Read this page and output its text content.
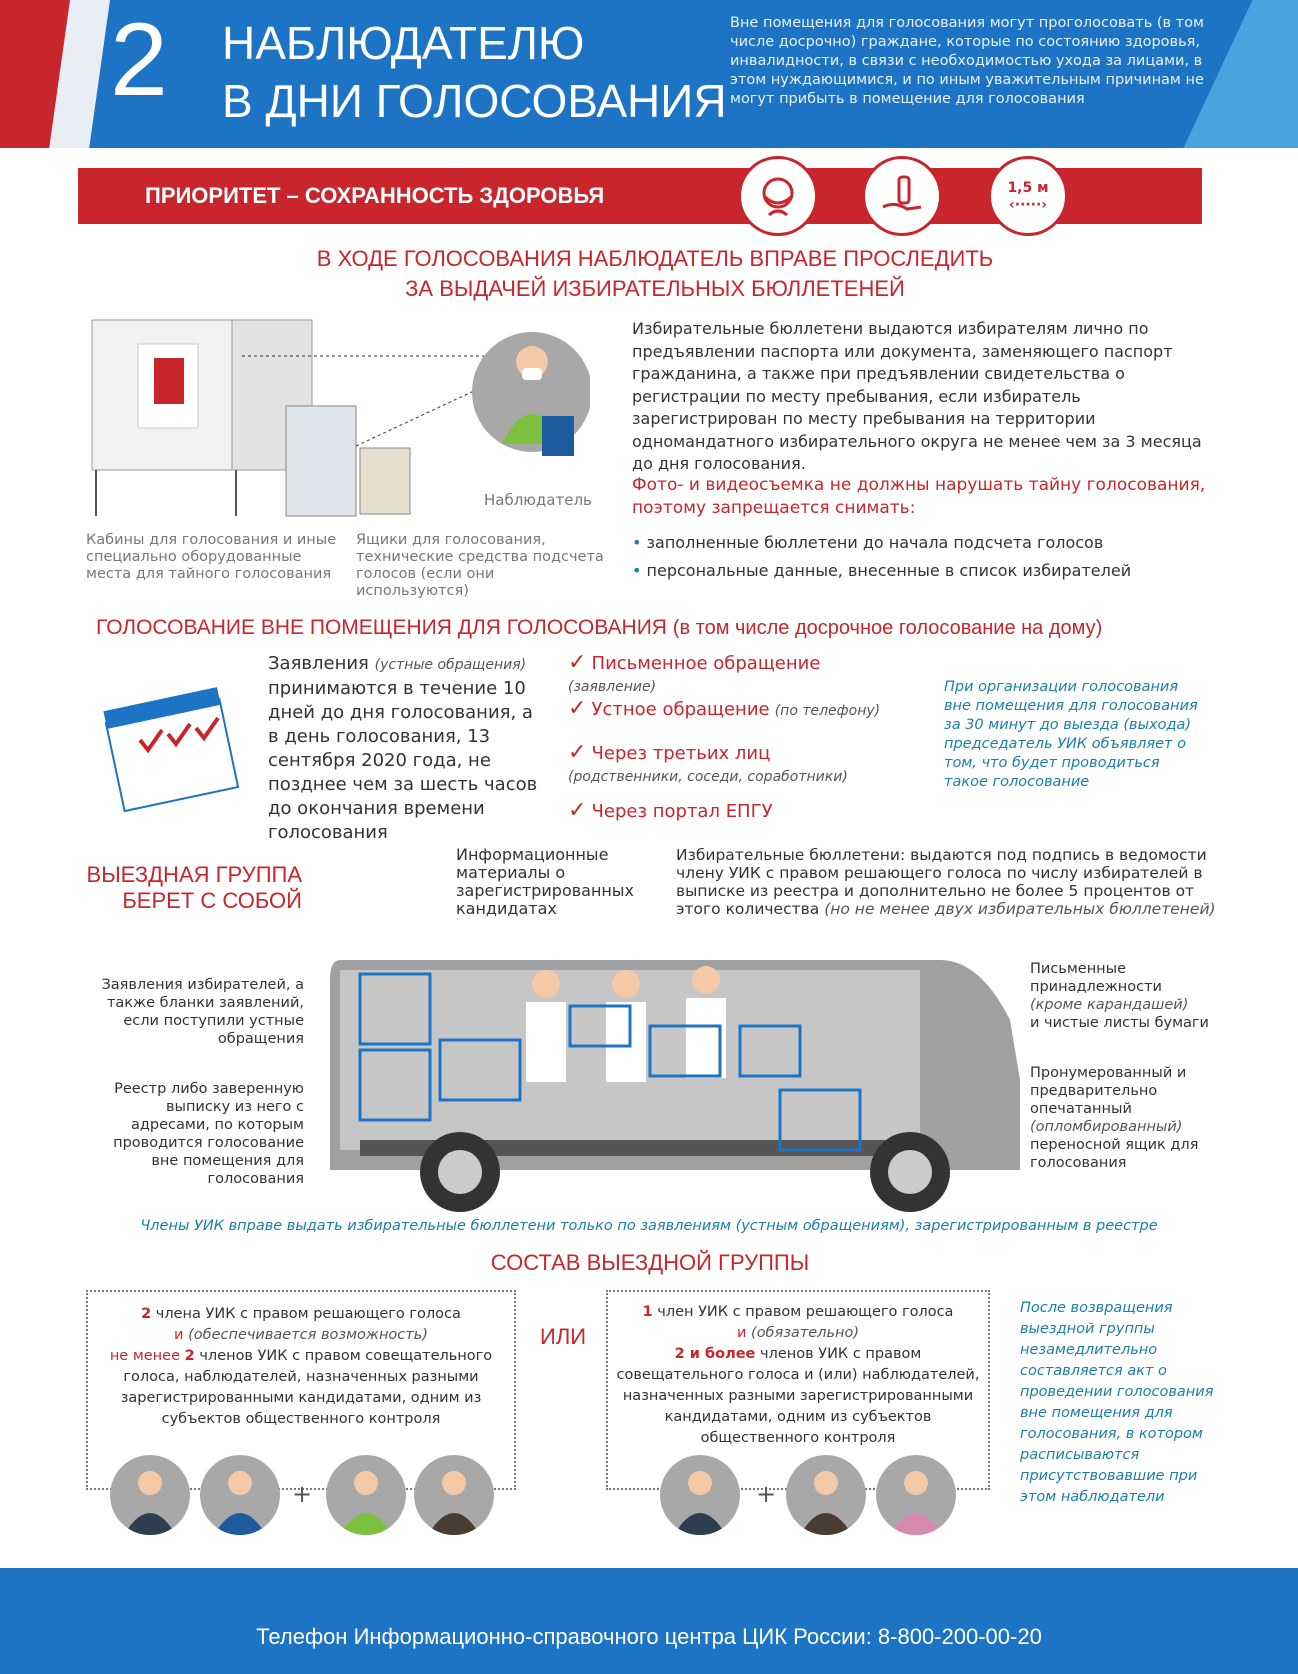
2 НАБЛЮДАТЕЛЮ
В ДНИ ГОЛОСОВАНИЯ
Вне помещения для голосования могут проголосовать (в том числе досрочно) граждане, которые по состоянию здоровья, инвалидности, в связи с необходимостью ухода за лицами, в этом нуждающимися, и по иным уважительным причинам не могут прибыть в помещение для голосования
ПРИОРИТЕТ – СОХРАННОСТЬ ЗДОРОВЬЯ	1,5 м
‹·····›
В ХОДЕ ГОЛОСОВАНИЯ НАБЛЮДАТЕЛЬ ВПРАВЕ ПРОСЛЕДИТЬ
ЗА ВЫДАЧЕЙ ИЗБИРАТЕЛЬНЫХ БЮЛЛЕТЕНЕЙ
Кабины для голосования и иные специально оборудованные места для тайного голосования
Ящики для голосования, технические средства подсчета голосов (если они используются)
Наблюдатель
Избирательные бюллетени выдаются избирателям лично по предъявлении паспорта или документа, заменяющего паспорт гражданина, а также при предъявлении свидетельства о регистрации по месту пребывания, если избиратель зарегистрирован по месту пребывания на территории одномандатного избирательного округа не менее чем за 3 месяца до дня голосования.
Фото- и видеосъемка не должны нарушать тайну голосования, поэтому запрещается снимать:
• заполненные бюллетени до начала подсчета голосов
• персональные данные, внесенные в список избирателей
ГОЛОСОВАНИЕ ВНЕ ПОМЕЩЕНИЯ ДЛЯ ГОЛОСОВАНИЯ (в том числе досрочное голосование на дому)
Заявления (устные обращения) принимаются в течение 10 дней до дня голосования, а в день голосования, 13 сентября 2020 года, не позднее чем за шесть часов до окончания времени голосования
✓ Письменное обращение (заявление)
✓ Устное обращение (по телефону)
✓ Через третьих лиц (родственники, соседи, соработники)
✓ Через портал ЕПГУ
При организации голосования вне помещения для голосования за 30 минут до выезда (выхода) председатель УИК объявляет о том, что будет проводиться такое голосование
ВЫЕЗДНАЯ ГРУППА
БЕРЕТ С СОБОЙ
Информационные материалы о зарегистрированных кандидатах
Избирательные бюллетени: выдаются под подпись в ведомости члену УИК с правом решающего голоса по числу избирателей в выписке из реестра и дополнительно не более 5 процентов от этого количества (но не менее двух избирательных бюллетеней)
Заявления избирателей, а также бланки заявлений, если поступили устные обращения
Реестр либо заверенную выписку из него с адресами, по которым проводится голосование вне помещения для голосования
Письменные принадлежности
(кроме карандашей)
и чистые листы бумаги
Пронумерованный и предварительно опечатанный
(опломбированный)
переносной ящик для голосования
Члены УИК вправе выдать избирательные бюллетени только по заявлениям (устным обращениям), зарегистрированным в реестре
СОСТАВ ВЫЕЗДНОЙ ГРУППЫ
2 члена УИК с правом решающего голоса
и (обеспечивается возможность)
не менее 2 членов УИК с правом совещательного голоса, наблюдателей, назначенных разными зарегистрированными кандидатами, одним из субъектов общественного контроля
ИЛИ
1 член УИК с правом решающего голоса
и (обязательно)
2 и более членов УИК с правом совещательного голоса и (или) наблюдателей, назначенных разными зарегистрированными кандидатами, одним из субъектов общественного контроля
После возвращения выездной группы незамедлительно составляется акт о проведении голосования вне помещения для голосования, в котором расписываются присутствовавшие при этом наблюдатели
+	+
Телефон Информационно-справочного центра ЦИК России: 8-800-200-00-20
